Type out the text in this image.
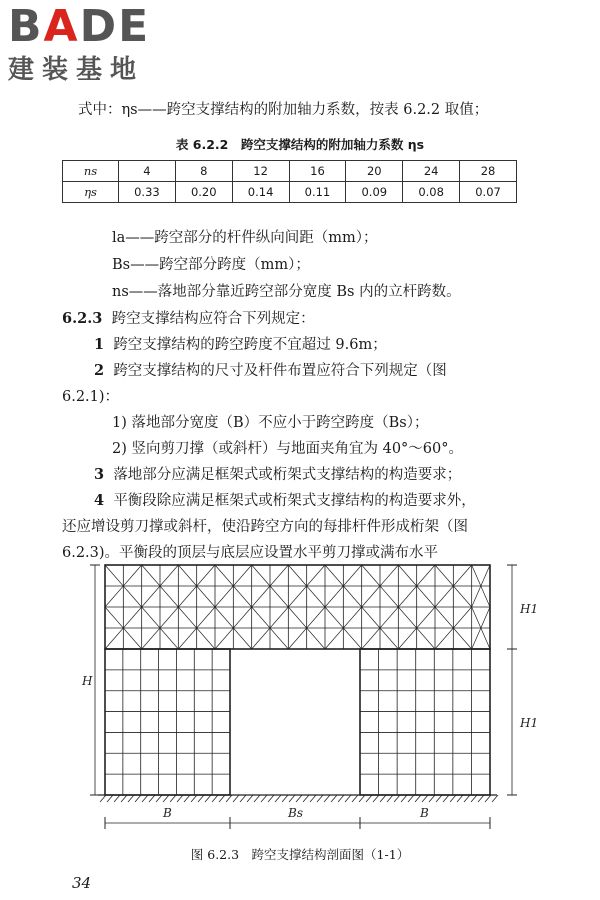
BADE
建装基地
式中：ηs——跨空支撑结构的附加轴力系数，按表 6.2.2 取值；
表 6.2.2　跨空支撑结构的附加轴力系数 ηs
ns	4	8	12	16	20	24	28
ηs	0.33	0.20	0.14	0.11	0.09	0.08	0.07
la——跨空部分的杆件纵向间距（mm）；
Bs——跨空部分跨度（mm）；
ns——落地部分靠近跨空部分宽度 Bs 内的立杆跨数。
6.2.3 跨空支撑结构应符合下列规定：
1 跨空支撑结构的跨空跨度不宜超过 9.6m；
2 跨空支撑结构的尺寸及杆件布置应符合下列规定（图
6.2.1)：
1) 落地部分宽度（B）不应小于跨空跨度（Bs）；
2) 竖向剪刀撑（或斜杆）与地面夹角宜为 40°～60°。
3 落地部分应满足框架式或桁架式支撑结构的构造要求；
4 平衡段除应满足框架式或桁架式支撑结构的构造要求外，
还应增设剪刀撑或斜杆，使沿跨空方向的每排杆件形成桁架（图
6.2.3)。平衡段的顶层与底层应设置水平剪刀撑或满布水平
H
H1
H1
B	Bs	B
图 6.2.3　跨空支撑结构剖面图（1-1）
34
